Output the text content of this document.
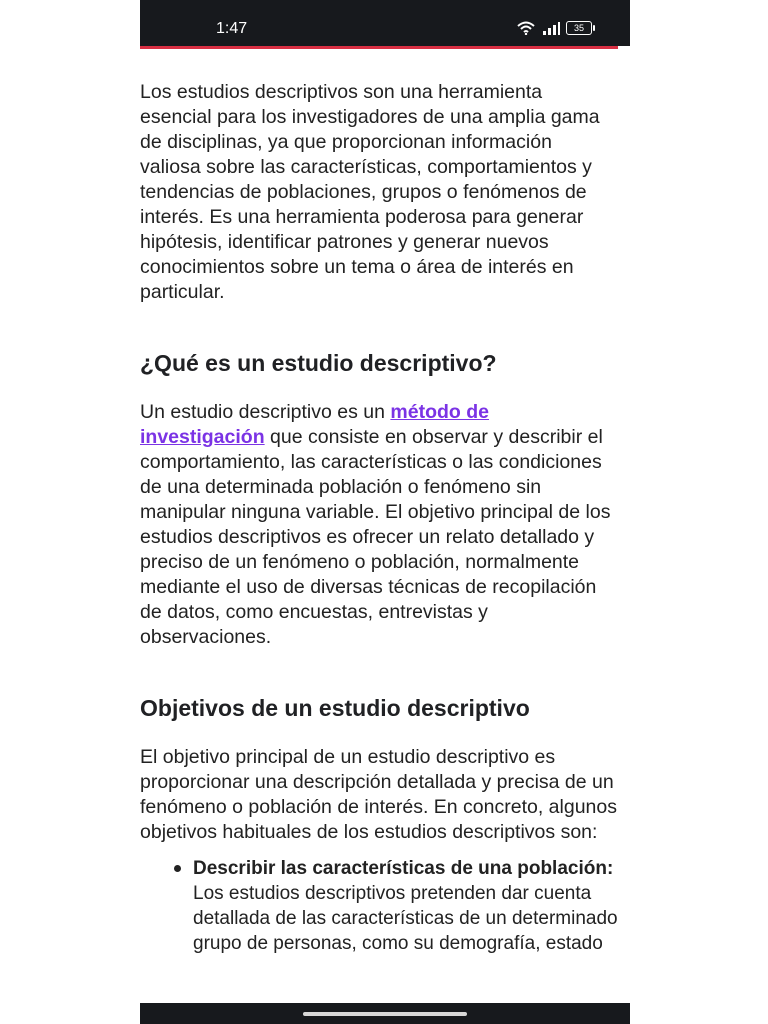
1:47	35

Los estudios descriptivos son una herramienta esencial para los investigadores de una amplia gama de disciplinas, ya que proporcionan información valiosa sobre las características, comportamientos y tendencias de poblaciones, grupos o fenómenos de interés. Es una herramienta poderosa para generar hipótesis, identificar patrones y generar nuevos conocimientos sobre un tema o área de interés en particular.

¿Qué es un estudio descriptivo?

Un estudio descriptivo es un método de investigación que consiste en observar y describir el comportamiento, las características o las condiciones de una determinada población o fenómeno sin manipular ninguna variable. El objetivo principal de los estudios descriptivos es ofrecer un relato detallado y preciso de un fenómeno o población, normalmente mediante el uso de diversas técnicas de recopilación de datos, como encuestas, entrevistas y observaciones.

Objetivos de un estudio descriptivo

El objetivo principal de un estudio descriptivo es proporcionar una descripción detallada y precisa de un fenómeno o población de interés. En concreto, algunos objetivos habituales de los estudios descriptivos son:

Describir las características de una población: Los estudios descriptivos pretenden dar cuenta detallada de las características de un determinado grupo de personas, como su demografía, estado
